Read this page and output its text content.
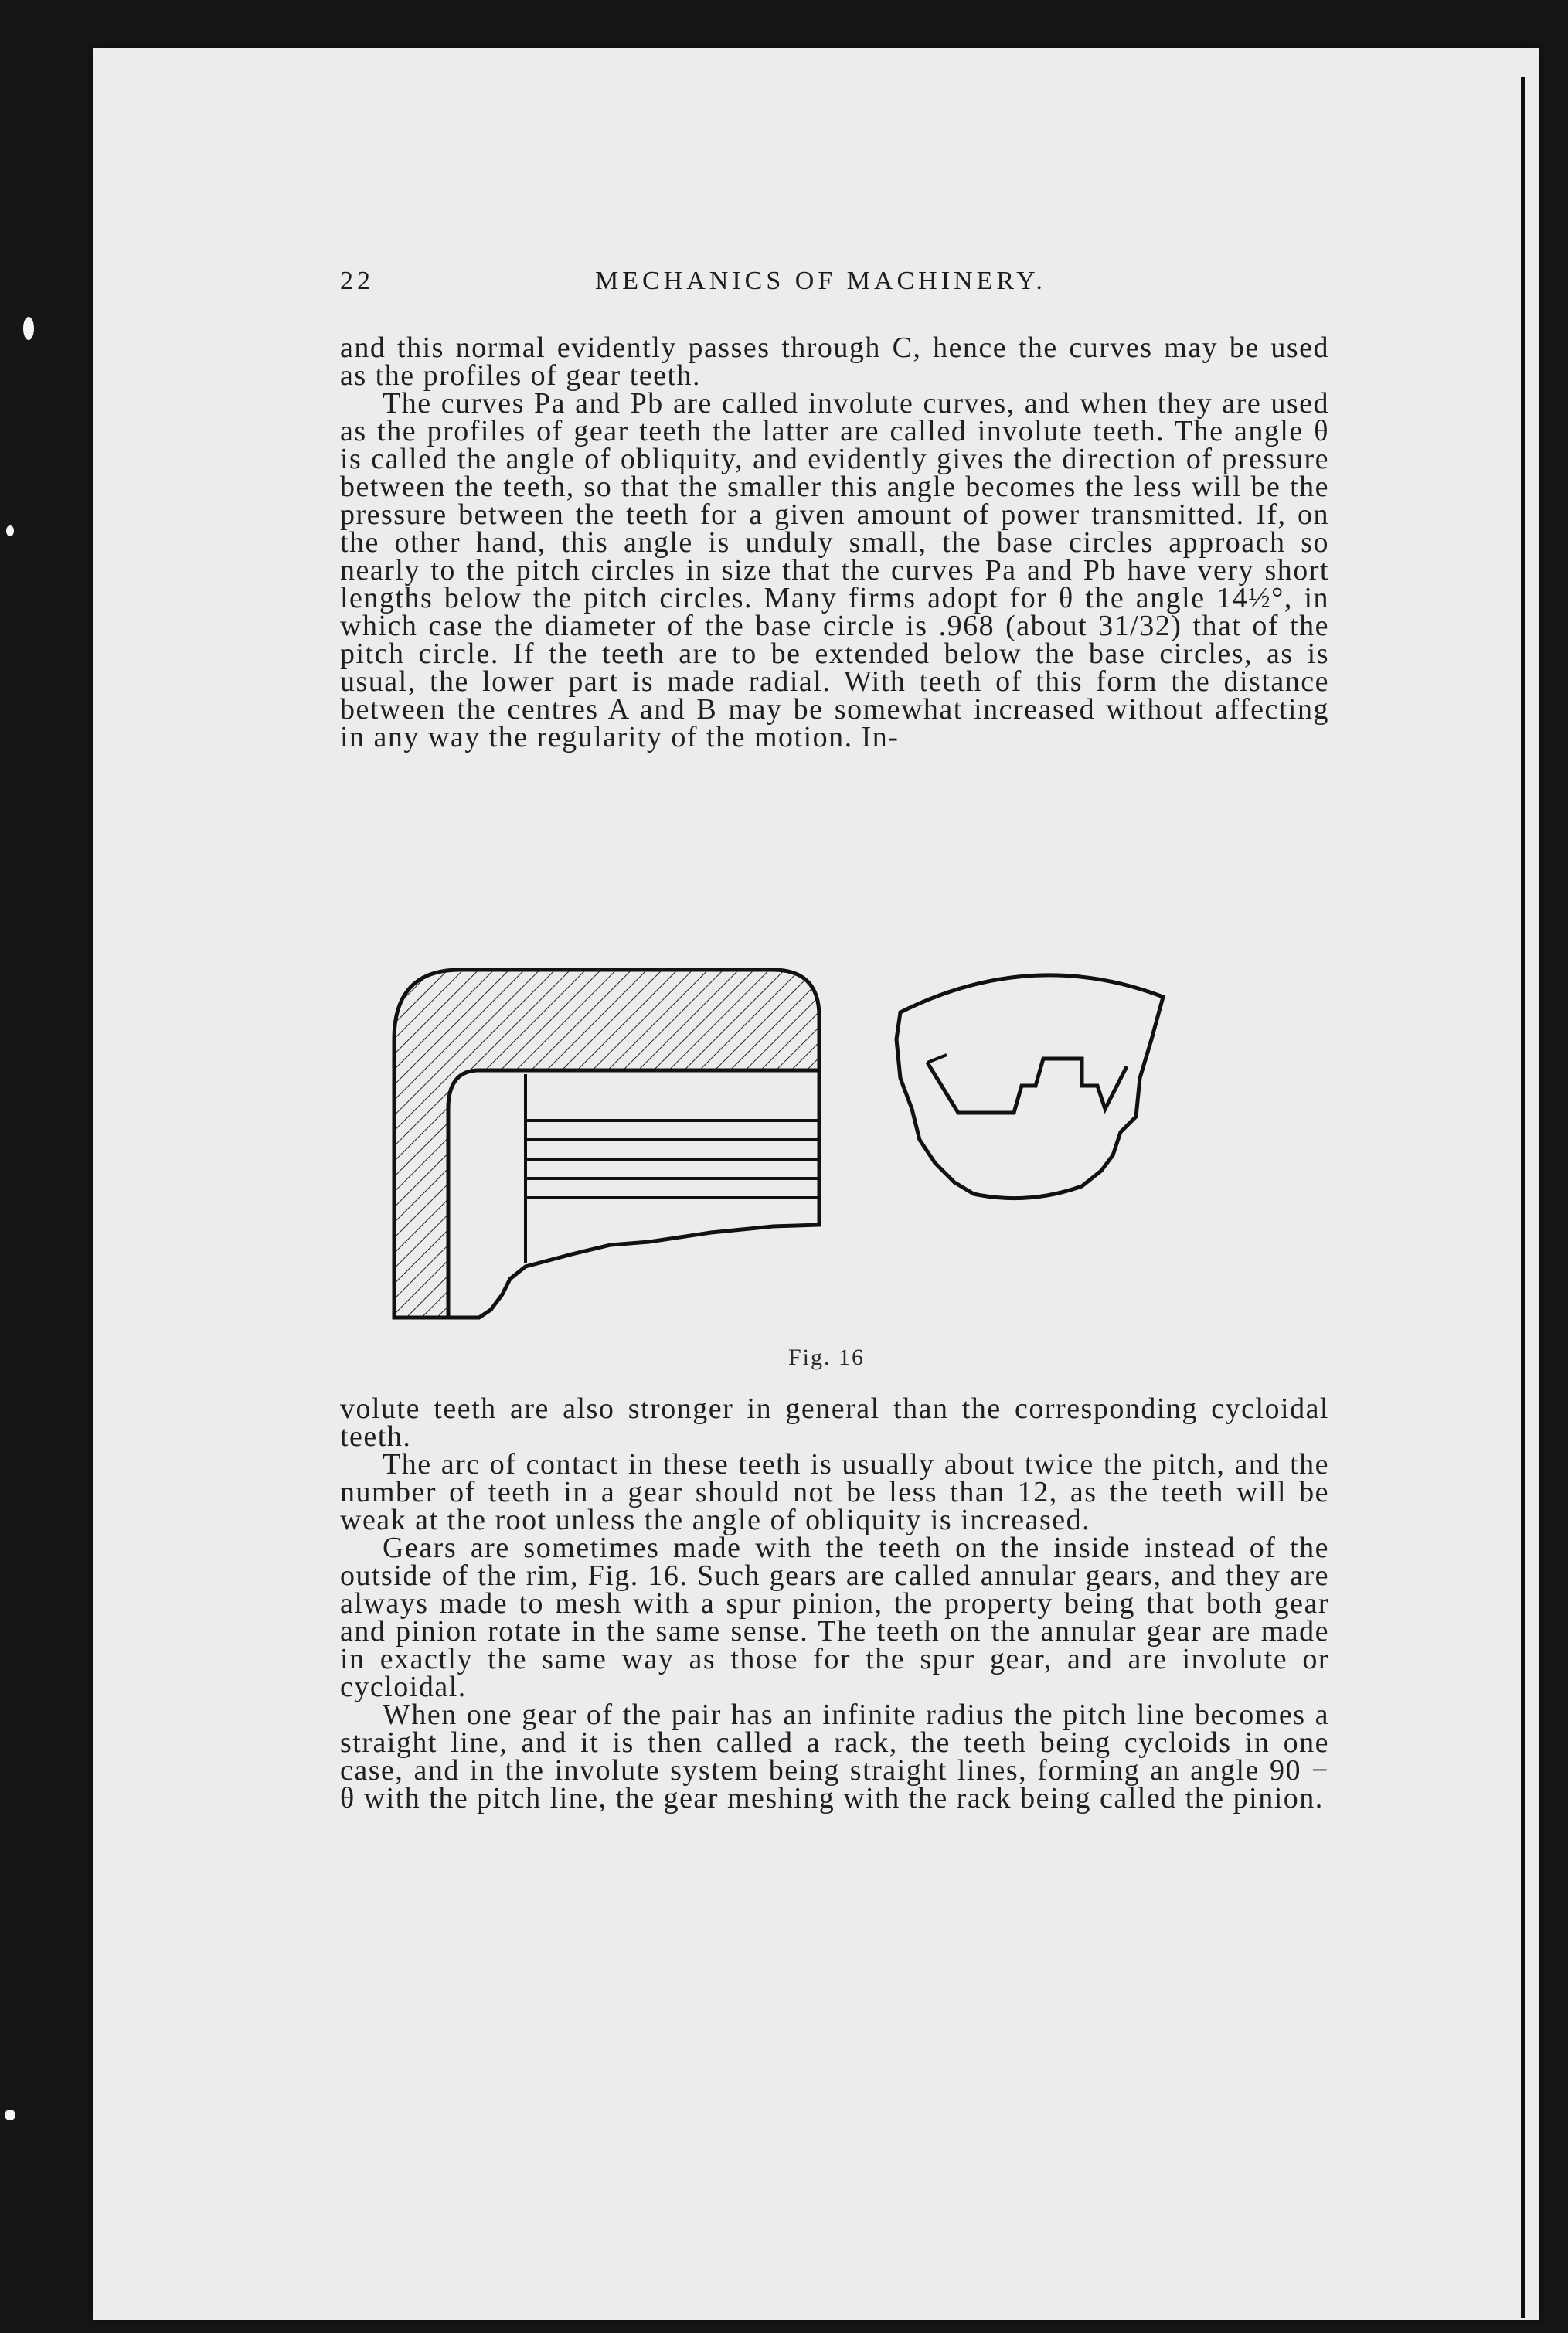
22	MECHANICS OF MACHINERY.

and this normal evidently passes through C, hence the curves may be used as the profiles of gear teeth.

The curves Pa and Pb are called involute curves, and when they are used as the profiles of gear teeth the latter are called involute teeth. The angle θ is called the angle of obliquity, and evidently gives the direction of pressure between the teeth, so that the smaller this angle becomes the less will be the pressure between the teeth for a given amount of power transmitted. If, on the other hand, this angle is unduly small, the base circles approach so nearly to the pitch circles in size that the curves Pa and Pb have very short lengths below the pitch circles. Many firms adopt for θ the angle 14½°, in which case the diameter of the base circle is .968 (about 31/32) that of the pitch circle. If the teeth are to be extended below the base circles, as is usual, the lower part is made radial. With teeth of this form the distance between the centres A and B may be somewhat increased without affecting in any way the regularity of the motion. In-

Fig. 16

volute teeth are also stronger in general than the corresponding cycloidal teeth.

The arc of contact in these teeth is usually about twice the pitch, and the number of teeth in a gear should not be less than 12, as the teeth will be weak at the root unless the angle of obliquity is increased.

Gears are sometimes made with the teeth on the inside instead of the outside of the rim, Fig. 16. Such gears are called annular gears, and they are always made to mesh with a spur pinion, the property being that both gear and pinion rotate in the same sense. The teeth on the annular gear are made in exactly the same way as those for the spur gear, and are involute or cycloidal.

When one gear of the pair has an infinite radius the pitch line becomes a straight line, and it is then called a rack, the teeth being cycloids in one case, and in the involute system being straight lines, forming an angle 90 − θ with the pitch line, the gear meshing with the rack being called the pinion.
